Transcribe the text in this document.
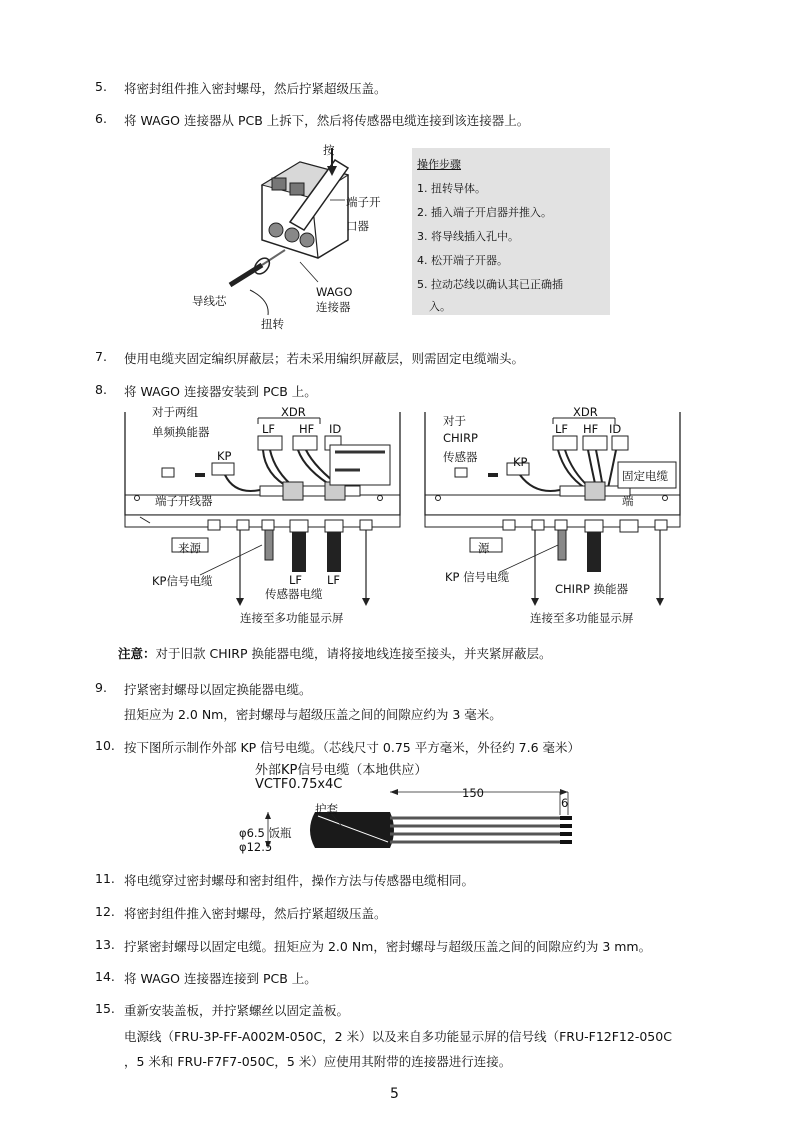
5. 将密封组件推入密封螺母，然后拧紧超级压盖。
6. 将 WAGO 连接器从 PCB 上拆下，然后将传感器电缆连接到该连接器上。
按
端子开
口器
导线芯
WAGO
连接器
扭转
操作步骤
1. 扭转导体。
2. 插入端子开启器并推入。
3. 将导线插入孔中。
4. 松开端子开器。
5. 拉动芯线以确认其已正确插
入。
7. 使用电缆夹固定编织屏蔽层；若未采用编织屏蔽层，则需固定电缆端头。
8. 将 WAGO 连接器安装到 PCB 上。
对于两组
单频换能器
XDR
LF HF ID
KP
端子开线器
来源
KP信号电缆	LF LF
传感器电缆
连接至多功能显示屏
对于
CHIRP
传感器
XDR
LF HF ID
KP
固定电缆
端
源
KP 信号电缆
CHIRP 换能器
连接至多功能显示屏
注意：对于旧款 CHIRP 换能器电缆，请将接地线连接至接头，并夹紧屏蔽层。
9. 拧紧密封螺母以固定换能器电缆。
扭矩应为 2.0 Nm，密封螺母与超级压盖之间的间隙应约为 3 毫米。
10. 按下图所示制作外部 KP 信号电缆。（芯线尺寸 0.75 平方毫米，外径约 7.6 毫米）
外部KP信号电缆（本地供应）
VCTF0.75x4C
150
6
护套
φ6.5 饭瓶
φ12.5
11. 将电缆穿过密封螺母和密封组件，操作方法与传感器电缆相同。
12. 将密封组件推入密封螺母，然后拧紧超级压盖。
13. 拧紧密封螺母以固定电缆。扭矩应为 2.0 Nm，密封螺母与超级压盖之间的间隙应约为 3 mm。
14. 将 WAGO 连接器连接到 PCB 上。
15. 重新安装盖板，并拧紧螺丝以固定盖板。
电源线（FRU-3P-FF-A002M-050C，2 米）以及来自多功能显示屏的信号线（FRU-F12F12-050C
，5 米和 FRU-F7F7-050C，5 米）应使用其附带的连接器进行连接。
5
